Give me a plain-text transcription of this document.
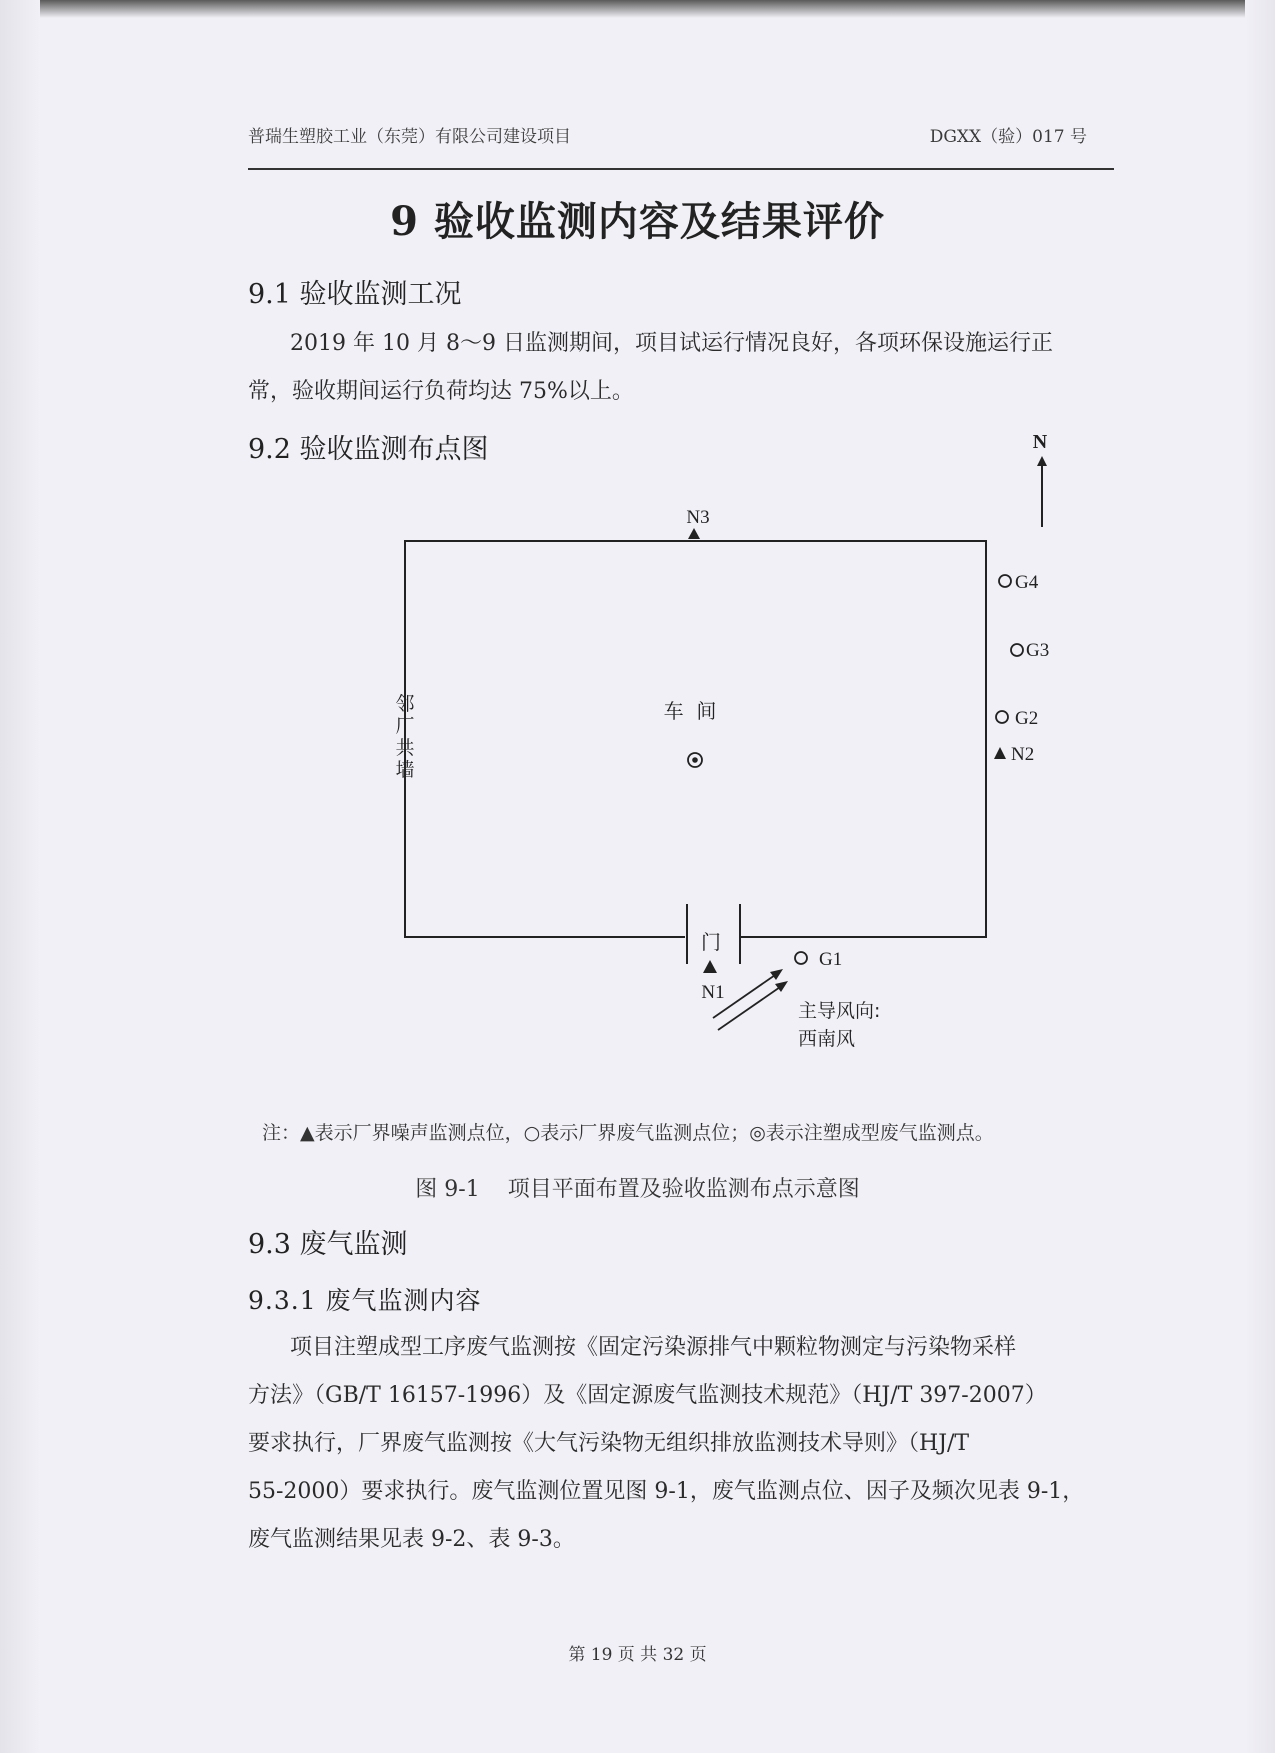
普瑞生塑胶工业（东莞）有限公司建设项目	DGXX（验）017 号
9 验收监测内容及结果评价
9.1 验收监测工况
2019 年 10 月 8～9 日监测期间，项目试运行情况良好，各项环保设施运行正
常，验收期间运行负荷均达 75%以上。
9.2 验收监测布点图	N
门
车  间
邻
厂
共
墙
N3
G4
G3
G2
N2
N1
G1
主导风向:
西南风
注：▲表示厂界噪声监测点位，○表示厂界废气监测点位；◎表示注塑成型废气监测点。
图 9-1    项目平面布置及验收监测布点示意图
9.3 废气监测
9.3.1 废气监测内容
项目注塑成型工序废气监测按《固定污染源排气中颗粒物测定与污染物采样
方法》（GB/T 16157-1996）及《固定源废气监测技术规范》（HJ/T 397-2007）
要求执行，厂界废气监测按《大气污染物无组织排放监测技术导则》（HJ/T
55-2000）要求执行。废气监测位置见图 9-1，废气监测点位、因子及频次见表 9-1，
废气监测结果见表 9-2、表 9-3。
第 19 页 共 32 页
